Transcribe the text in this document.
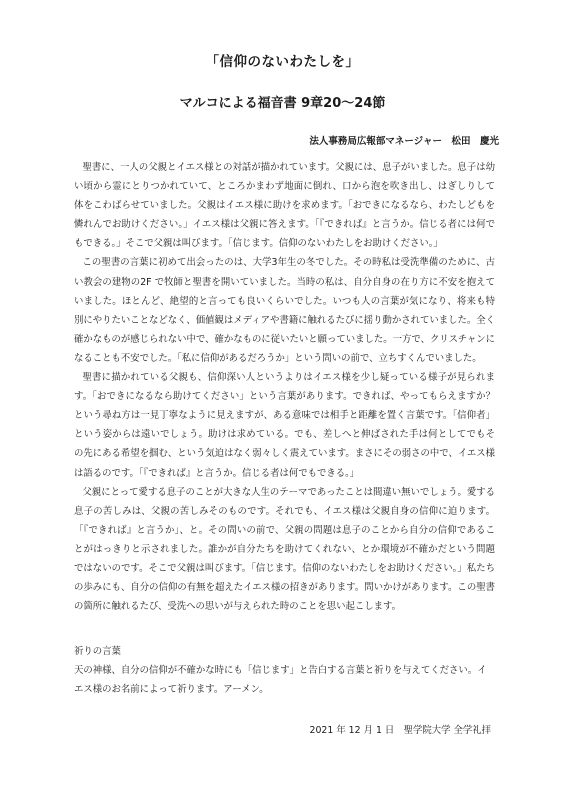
「信仰のないわたしを」
マルコによる福音書 9章20～24節
法人事務局広報部マネージャー　松田　慶光

聖書に、一人の父親とイエス様との対話が描かれています。父親には、息子がいました。息子は幼い頃から霊にとりつかれていて、ところかまわず地面に倒れ、口から泡を吹き出し、はぎしりして体をこわばらせていました。父親はイエス様に助けを求めます。「おできになるなら、わたしどもを憐れんでお助けください。」イエス様は父親に答えます。「『できれば』と言うか。信じる者には何でもできる。」そこで父親は叫びます。「信じます。信仰のないわたしをお助けください。」

この聖書の言葉に初めて出会ったのは、大学3年生の冬でした。その時私は受洗準備のために、古い教会の建物の2F で牧師と聖書を開いていました。当時の私は、自分自身の在り方に不安を抱えていました。ほとんど、絶望的と言っても良いくらいでした。いつも人の言葉が気になり、将来も特別にやりたいことなどなく、価値観はメディアや書籍に触れるたびに揺り動かされていました。全く確かなものが感じられない中で、確かなものに従いたいと願っていました。一方で、クリスチャンになることも不安でした。「私に信仰があるだろうか」という問いの前で、立ちすくんでいました。

聖書に描かれている父親も、信仰深い人というよりはイエス様を少し疑っている様子が見られます。「おできになるなら助けてください」という言葉があります。できれば、やってもらえますか？という尋ね方は一見丁寧なように見えますが、ある意味では相手と距離を置く言葉です。「信仰者」という姿からは遠いでしょう。助けは求めている。でも、差しへと伸ばされた手は何としてでもその先にある希望を掴む、という気迫はなく弱々しく震えています。まさにその弱さの中で、イエス様は語るのです。「『できれば』と言うか。信じる者は何でもできる。」

父親にとって愛する息子のことが大きな人生のテーマであったことは間違い無いでしょう。愛する息子の苦しみは、父親の苦しみそのものです。それでも、イエス様は父親自身の信仰に迫ります。「『できれば』と言うか」、と。その問いの前で、父親の問題は息子のことから自分の信仰であることがはっきりと示されました。誰かが自分たちを助けてくれない、とか環境が不確かだという問題ではないのです。そこで父親は叫びます。「信じます。信仰のないわたしをお助けください。」私たちの歩みにも、自分の信仰の有無を超えたイエス様の招きがあります。問いかけがあります。この聖書の箇所に触れるたび、受洗への思いが与えられた時のことを思い起こします。

祈りの言葉
天の神様、自分の信仰が不確かな時にも「信じます」と告白する言葉と祈りを与えてください。イエス様のお名前によって祈ります。アーメン。
2021 年 12 月 1 日　聖学院大学 全学礼拝
